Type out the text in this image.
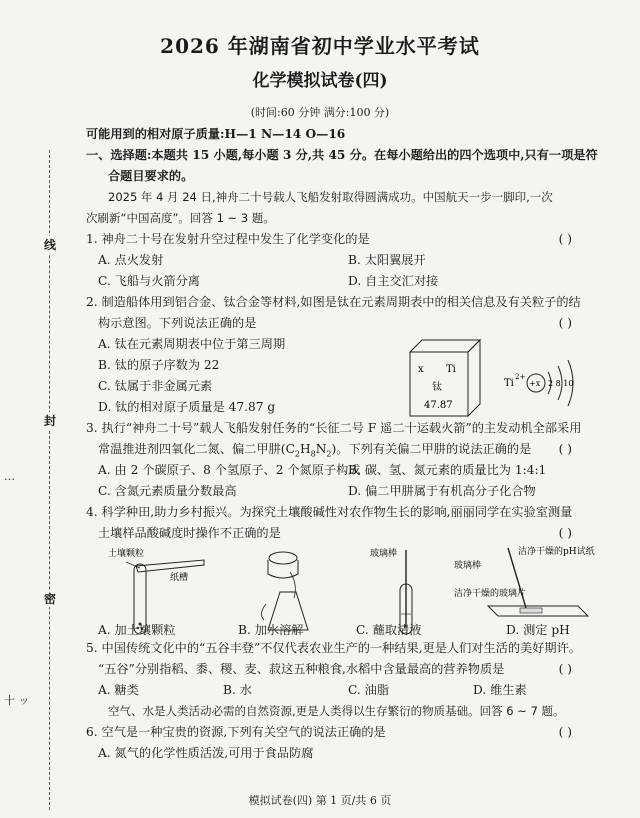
线
封
密
…
十 ッ
2026 年湖南省初中学业水平考试
化学模拟试卷(四)
(时间:60 分钟 满分:100 分)
可能用到的相对原子质量:H—1 N—14 O—16
一、选择题:本题共 15 小题,每小题 3 分,共 45 分。在每小题给出的四个选项中,只有一项是符
合题目要求的。
2025 年 4 月 24 日,神舟二十号载人飞船发射取得圆满成功。中国航天一步一脚印,一次
次刷新“中国高度”。回答 1 ~ 3 题。
1. 神舟二十号在发射升空过程中发生了化学变化的是	( )
A. 点火发射	B. 太阳翼展开
C. 飞船与火箭分离	D. 自主交汇对接
2. 制造船体用到铝合金、钛合金等材料,如图是钛在元素周期表中的相关信息及有关粒子的结
构示意图。下列说法正确的是	( )
A. 钛在元素周期表中位于第三周期
B. 钛的原子序数为 22
C. 钛属于非金属元素
D. 钛的相对原子质量是 47.87 g
x Ti
钛
47.87
Ti
2+
+x 2 8 10
3. 执行“神舟二十号”载人飞船发射任务的“长征二号 F 遥二十运载火箭”的主发动机全部采用
常温推进剂四氧化二氮、偏二甲肼$(C_2H_8N_2)$。下列有关偏二甲肼的说法正确的是 ( )
A. 由 2 个碳原子、8 个氢原子、2 个氮原子构成
B. 碳、氢、氮元素的质量比为 1:4:1
C. 含氮元素质量分数最高	D. 偏二甲肼属于有机高分子化合物
4. 科学种田,助力乡村振兴。为探究土壤酸碱性对农作物生长的影响,丽丽同学在实验室测量
土壤样品酸碱度时操作不正确的是	( )
土壤颗粒
纸槽
玻璃棒
玻璃棒
洁净干燥的pH试纸
洁净干燥的玻璃片
A. 加土壤颗粒	B. 加水溶解	C. 蘸取清液	D. 测定 pH
5. 中国传统文化中的“五谷丰登”不仅代表农业生产的一种结果,更是人们对生活的美好期许。
“五谷”分别指稻、黍、稷、麦、菽这五种粮食,水稻中含量最高的营养物质是	( )
A. 糖类	B. 水	C. 油脂	D. 维生素
空气、水是人类活动必需的自然资源,更是人类得以生存繁衍的物质基础。回答 6 ~ 7 题。
6. 空气是一种宝贵的资源,下列有关空气的说法正确的是	( )
A. 氮气的化学性质活泼,可用于食品防腐
模拟试卷(四) 第 1 页/共 6 页
